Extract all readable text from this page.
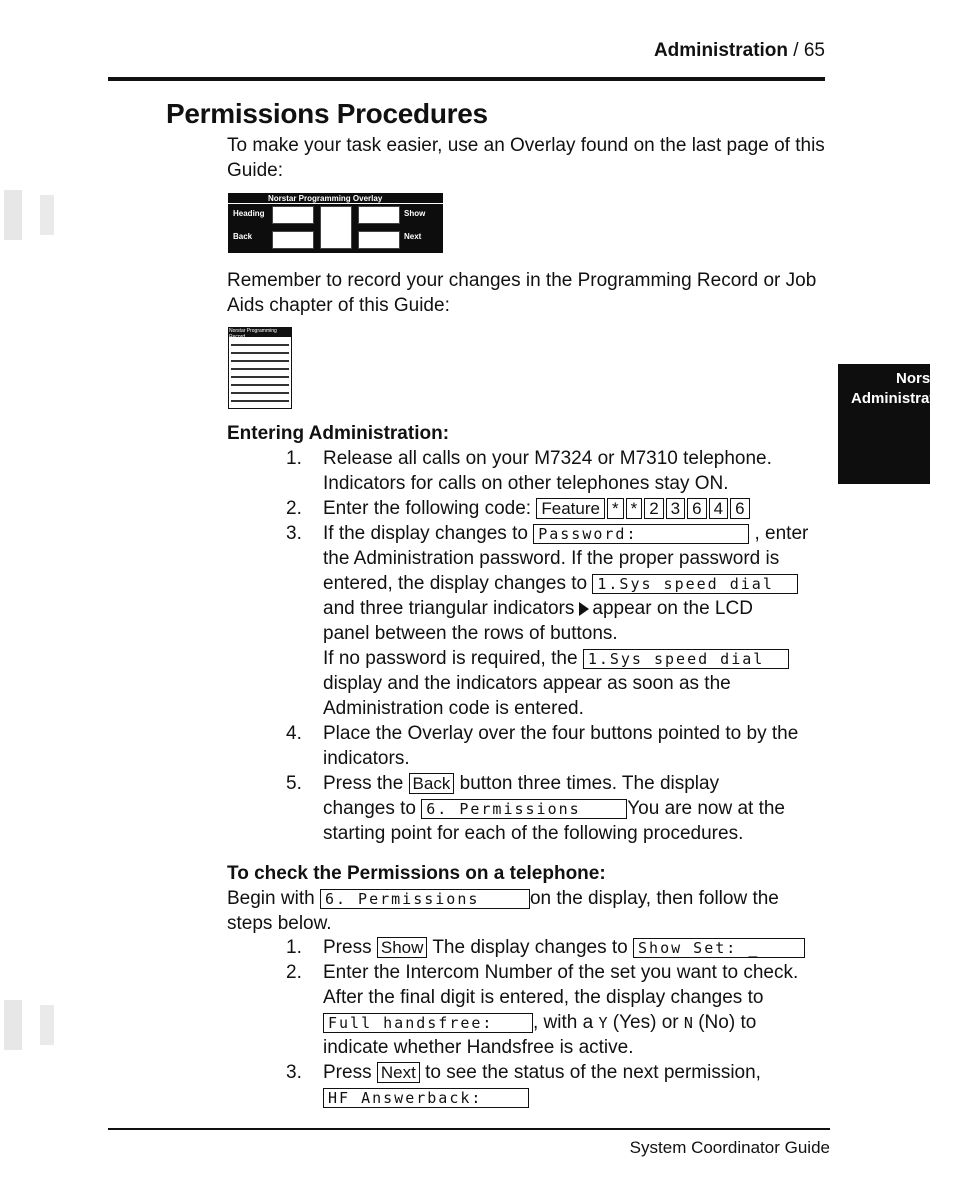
Administration / 65
Permissions Procedures
To make your task easier, use an Overlay found on the last page of this Guide:
Norstar Programming Overlay
Heading	Show
Back	Next
Remember to record your changes in the Programming Record or Job Aids chapter of this Guide:
Norstar Programming Record
Norstar
Administration
Entering Administration:
1. Release all calls on your M7324 or M7310 telephone.
Indicators for calls on other telephones stay ON.
2. Enter the following code: Feature * * 2 3 6 4 6
3. If the display changes to Password:	, enter
the Administration password. If the proper password is
entered, the display changes to 1.Sys speed dial
and three triangular indicators appear on the LCD
panel between the rows of buttons.
If no password is required, the 1.Sys speed dial
display and the indicators appear as soon as the
Administration code is entered.
4. Place the Overlay over the four buttons pointed to by the
indicators.
5. Press the Back button three times. The display
changes to 6. Permissions You are now at the
starting point for each of the following procedures.
To check the Permissions on a telephone:
Begin with 6. Permissions	on the display, then follow the
steps below.
1. Press Show The display changes to Show Set: _
2. Enter the Intercom Number of the set you want to check.
After the final digit is entered, the display changes to
Full handsfree: , with a Y (Yes) or N (No) to
indicate whether Handsfree is active.
3. Press Next to see the status of the next permission,
HF Answerback:
System Coordinator Guide
